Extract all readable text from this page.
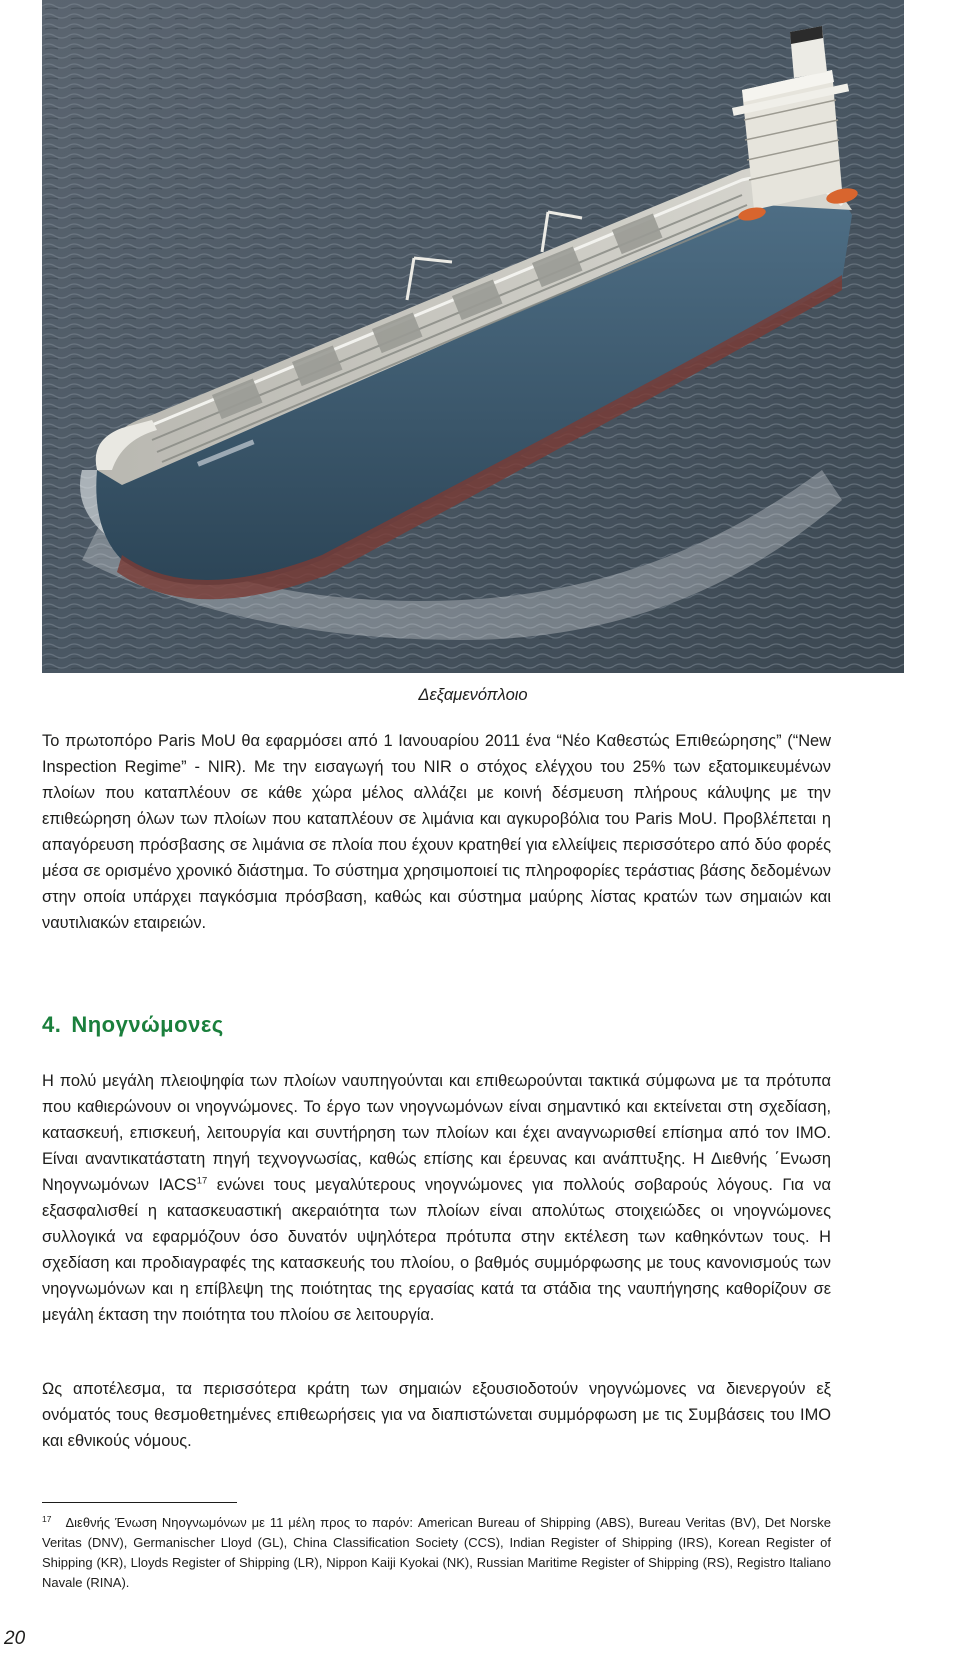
Δεξαμενόπλοιο

Το πρωτοπόρο Paris MoU θα εφαρμόσει από 1 Ιανουαρίου 2011 ένα “Νέο Καθεστώς Επιθεώρησης” (“New Inspection Regime” - NIR). Με την εισαγωγή του NIR ο στόχος ελέγχου του 25% των εξατομικευμένων πλοίων που καταπλέουν σε κάθε χώρα μέλος αλλάζει με κοινή δέσμευση πλήρους κάλυψης με την επιθεώρηση όλων των πλοίων που καταπλέουν σε λιμάνια και αγκυροβόλια του Paris MoU. Προβλέπεται η απαγόρευση πρόσβασης σε λιμάνια σε πλοία που έχουν κρατηθεί για ελλείψεις περισσότερο από δύο φορές μέσα σε ορισμένο χρονικό διάστημα. Το σύστημα χρησιμοποιεί τις πληροφορίες τεράστιας βάσης δεδομένων στην οποία υπάρχει παγκόσμια πρόσβαση, καθώς και σύστημα μαύρης λίστας κρατών των σημαιών και ναυτιλιακών εταιρειών.

4. Νηογνώμονες

Η πολύ μεγάλη πλειοψηφία των πλοίων ναυπηγούνται και επιθεωρούνται τακτικά σύμφωνα με τα πρότυπα που καθιερώνουν οι νηογνώμονες. Το έργο των νηογνωμόνων είναι σημαντικό και εκτείνεται στη σχεδίαση, κατασκευή, επισκευή, λειτουργία και συντήρηση των πλοίων και έχει αναγνωρισθεί επίσημα από τον ΙΜΟ. Είναι αναντικατάστατη πηγή τεχνογνωσίας, καθώς επίσης και έρευνας και ανάπτυξης. Η Διεθνής ΄Ενωση Νηογνωμόνων IACS$^{17}$ ενώνει τους μεγαλύτερους νηογνώμονες για πολλούς σοβαρούς λόγους. Για να εξασφαλισθεί η κατασκευαστική ακεραιότητα των πλοίων είναι απολύτως στοιχειώδες οι νηογνώμονες συλλογικά να εφαρμόζουν όσο δυνατόν υψηλότερα πρότυπα στην εκτέλεση των καθηκόντων τους. Η σχεδίαση και προδιαγραφές της κατασκευής του πλοίου, ο βαθμός συμμόρφωσης με τους κανονισμούς των νηογνωμόνων και η επίβλεψη της ποιότητας της εργασίας κατά τα στάδια της ναυπήγησης καθορίζουν σε μεγάλη έκταση την ποιότητα του πλοίου σε λειτουργία.

Ως αποτέλεσμα, τα περισσότερα κράτη των σημαιών εξουσιοδοτούν νηογνώμονες να διενεργούν εξ ονόματός τους θεσμοθετημένες επιθεωρήσεις για να διαπιστώνεται συμμόρφωση με τις Συμβάσεις του ΙΜΟ και εθνικούς νόμους.

$^{17}$ Διεθνής Ένωση Νηογνωμόνων με 11 μέλη προς το παρόν: American Bureau of Shipping (ABS), Bureau Veritas (BV), Det Norske Veritas (DNV), Germanischer Lloyd (GL), China Classification Society (CCS), Indian Register of Shipping (IRS), Korean Register of Shipping (KR), Lloyds Register of Shipping (LR), Nippon Kaiji Kyokai (NK), Russian Maritime Register of Shipping (RS), Registro Italiano Navale (RINA).
20
